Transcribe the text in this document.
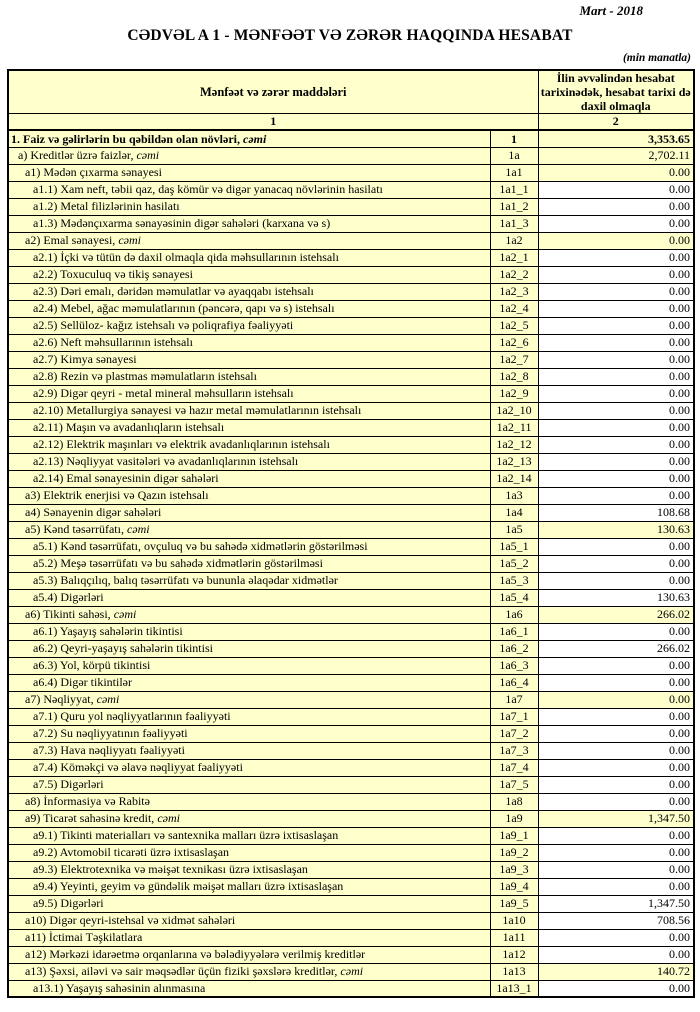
Mart - 2018
CƏDVƏL A 1 - MƏNFƏƏT VƏ ZƏRƏR HAQQINDA HESABAT
(min manatla)
Mənfəət və zərər maddələri		İlin əvvəlindən hesabat tarixinədək, hesabat tarixi də daxil olmaqla
1		2
1. Faiz və gəlirlərin bu qəbildən olan növləri, cəmi	1	3,353.65
a) Kreditlər üzrə faizlər, cəmi	1a	2,702.11
a1) Mədən çıxarma sənayesi	1a1	0.00
a1.1) Xam neft, təbii qaz, daş kömür və digər yanacaq növlərinin hasilatı	1a1_1	0.00
a1.2) Metal filizlərinin hasilatı	1a1_2	0.00
a1.3) Mədənçıxarma sənayəsinin digər sahələri (karxana və s)	1a1_3	0.00
a2) Emal sənayesi, cəmi	1a2	0.00
a2.1) İçki və tütün də daxil olmaqla qida məhsullarının istehsalı	1a2_1	0.00
a2.2) Toxuculuq və tikiş sənayesi	1a2_2	0.00
a2.3) Dəri emalı, dəridən məmulatlar və ayaqqabı istehsalı	1a2_3	0.00
a2.4) Mebel, ağac məmulatlarının (pəncərə, qapı və s) istehsalı	1a2_4	0.00
a2.5) Sellüloz- kağız istehsalı və poliqrafiya fəaliyyəti	1a2_5	0.00
a2.6) Neft məhsullarının istehsalı	1a2_6	0.00
a2.7) Kimya sənayesi	1a2_7	0.00
a2.8) Rezin və plastmas məmulatların istehsalı	1a2_8	0.00
a2.9) Digər qeyri - metal mineral məhsulların istehsalı	1a2_9	0.00
a2.10) Metallurgiya sənayesi və hazır metal məmulatlarının istehsalı	1a2_10	0.00
a2.11) Maşın və avadanlıqların istehsalı	1a2_11	0.00
a2.12) Elektrik maşınları və elektrik avadanlıqlarının istehsalı	1a2_12	0.00
a2.13) Nəqliyyat vasitələri və avadanlıqlarının istehsalı	1a2_13	0.00
a2.14) Emal sənayesinin digər sahələri	1a2_14	0.00
a3) Elektrik enerjisi və Qazın istehsalı	1a3	0.00
a4) Sənayenin digər sahələri	1a4	108.68
a5) Kənd təsərrüfatı, cəmi	1a5	130.63
a5.1) Kənd təsərrüfatı, ovçuluq və bu sahədə xidmətlərin göstərilməsi	1a5_1	0.00
a5.2) Meşə təsərrüfatı və bu sahədə xidmətlərin göstərilməsi	1a5_2	0.00
a5.3) Balıqçılıq, balıq təsərrüfatı və bununla əlaqədar xidmətlər	1a5_3	0.00
a5.4) Digərləri	1a5_4	130.63
a6) Tikinti sahəsi, cəmi	1a6	266.02
a6.1) Yaşayış sahələrin tikintisi	1a6_1	0.00
a6.2) Qeyri-yaşayış sahələrin tikintisi	1a6_2	266.02
a6.3) Yol, körpü tikintisi	1a6_3	0.00
a6.4) Digər tikintilər	1a6_4	0.00
a7) Nəqliyyat, cəmi	1a7	0.00
a7.1) Quru yol nəqliyyatlarının fəaliyyəti	1a7_1	0.00
a7.2) Su nəqliyyatının fəaliyyəti	1a7_2	0.00
a7.3) Hava nəqliyyatı fəaliyyəti	1a7_3	0.00
a7.4) Köməkçi və əlavə nəqliyyat fəaliyyəti	1a7_4	0.00
a7.5) Digərləri	1a7_5	0.00
a8) İnformasiya və Rabitə	1a8	0.00
a9) Ticarət sahəsinə kredit, cəmi	1a9	1,347.50
a9.1) Tikinti materialları və santexnika malları üzrə ixtisaslaşan	1a9_1	0.00
a9.2) Avtomobil ticarəti üzrə ixtisaslaşan	1a9_2	0.00
a9.3) Elektrotexnika və məişət texnikası üzrə ixtisaslaşan	1a9_3	0.00
a9.4) Yeyinti, geyim və gündəlik məişət malları üzrə ixtisaslaşan	1a9_4	0.00
a9.5) Digərləri	1a9_5	1,347.50
a10) Digər qeyri-istehsal və xidmət sahələri	1a10	708.56
a11) İctimai Təşkilatlara	1a11	0.00
a12) Mərkəzi idarəetmə orqanlarına və bələdiyyələrə verilmiş kreditlər	1a12	0.00
a13) Şəxsi, ailəvi və sair məqsədlər üçün fiziki şəxslərə kreditlər, cəmi	1a13	140.72
a13.1) Yaşayış sahəsinin alınmasına	1a13_1	0.00
